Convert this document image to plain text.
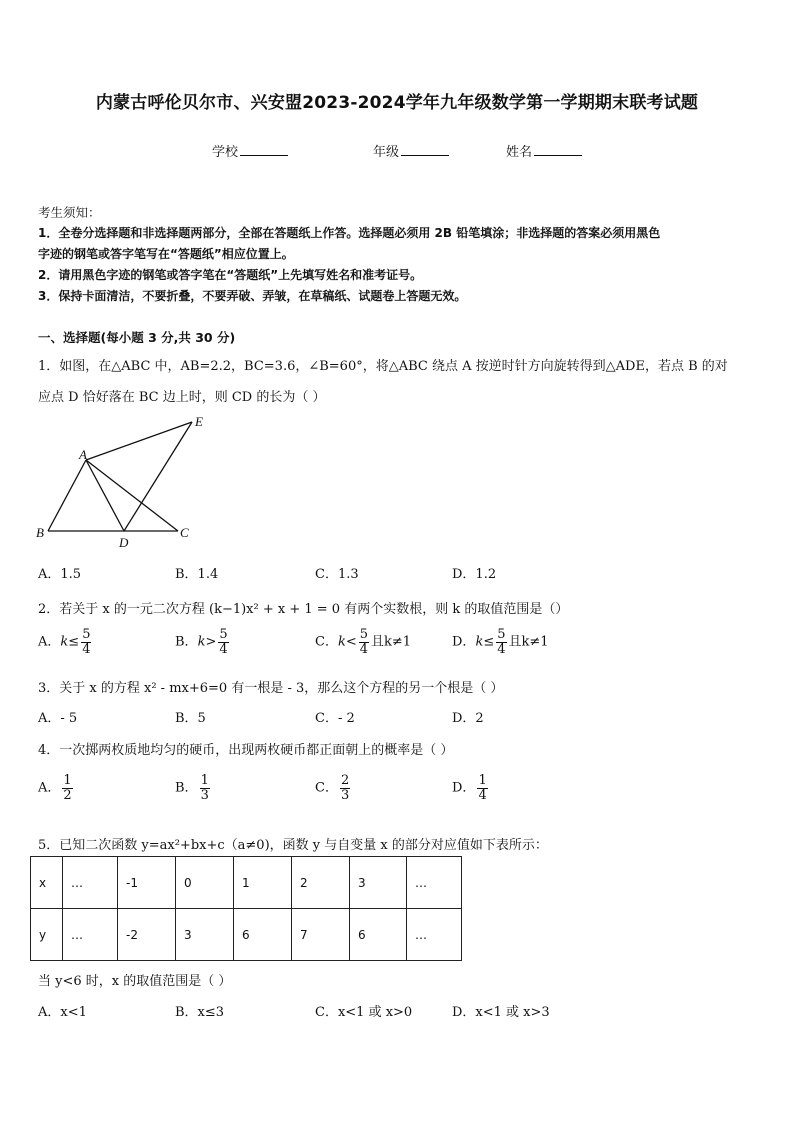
内蒙古呼伦贝尔市、兴安盟2023-2024学年九年级数学第一学期期末联考试题
学校	年级	姓名
考生须知：
1．全卷分选择题和非选择题两部分，全部在答题纸上作答。选择题必须用 2B 铅笔填涂；非选择题的答案必须用黑色
字迹的钢笔或答字笔写在“答题纸”相应位置上。
2．请用黑色字迹的钢笔或答字笔在“答题纸”上先填写姓名和准考证号。
3．保持卡面清洁，不要折叠，不要弄破、弄皱，在草稿纸、试题卷上答题无效。
一、选择题(每小题 3 分,共 30 分)
1．如图，在△ABC 中，AB=2.2，BC=3.6，∠B=60°，将△ABC 绕点 A 按逆时针方向旋转得到△ADE，若点 B 的对
应点 D 恰好落在 BC 边上时，则 CD 的长为（ ）
A
B	C
D
E
A．1.5	B．1.4	C．1.3	D．1.2
2．若关于 x 的一元二次方程 (k−1)x² + x + 1 = 0 有两个实数根，则 k 的取值范围是（）
A．$k\le \frac{5}{4}$	B．$k> \frac{5}{4}$	C．$k< \frac{5}{4}$ 且k≠1	D．$k\le \frac{5}{4}$ 且k≠1
3．关于 x 的方程 x² - mx+6=0 有一根是 - 3，那么这个方程的另一个根是（ ）
A．- 5	B．5	C．- 2	D．2
4．一次掷两枚质地均匀的硬币，出现两枚硬币都正面朝上的概率是（ ）
A． $\frac{1}{2}$	B． $\frac{1}{3}$	C． $\frac{2}{3}$	D． $\frac{1}{4}$
5．已知二次函数 y=ax²+bx+c（a≠0)，函数 y 与自变量 x 的部分对应值如下表所示：
x	…	-1	0	1	2	3	…
y	…	-2	3	6	7	6	…
当 y<6 时，x 的取值范围是（ ）
A．x<1	B．x≤3	C．x<1 或 x>0	D．x<1 或 x>3
